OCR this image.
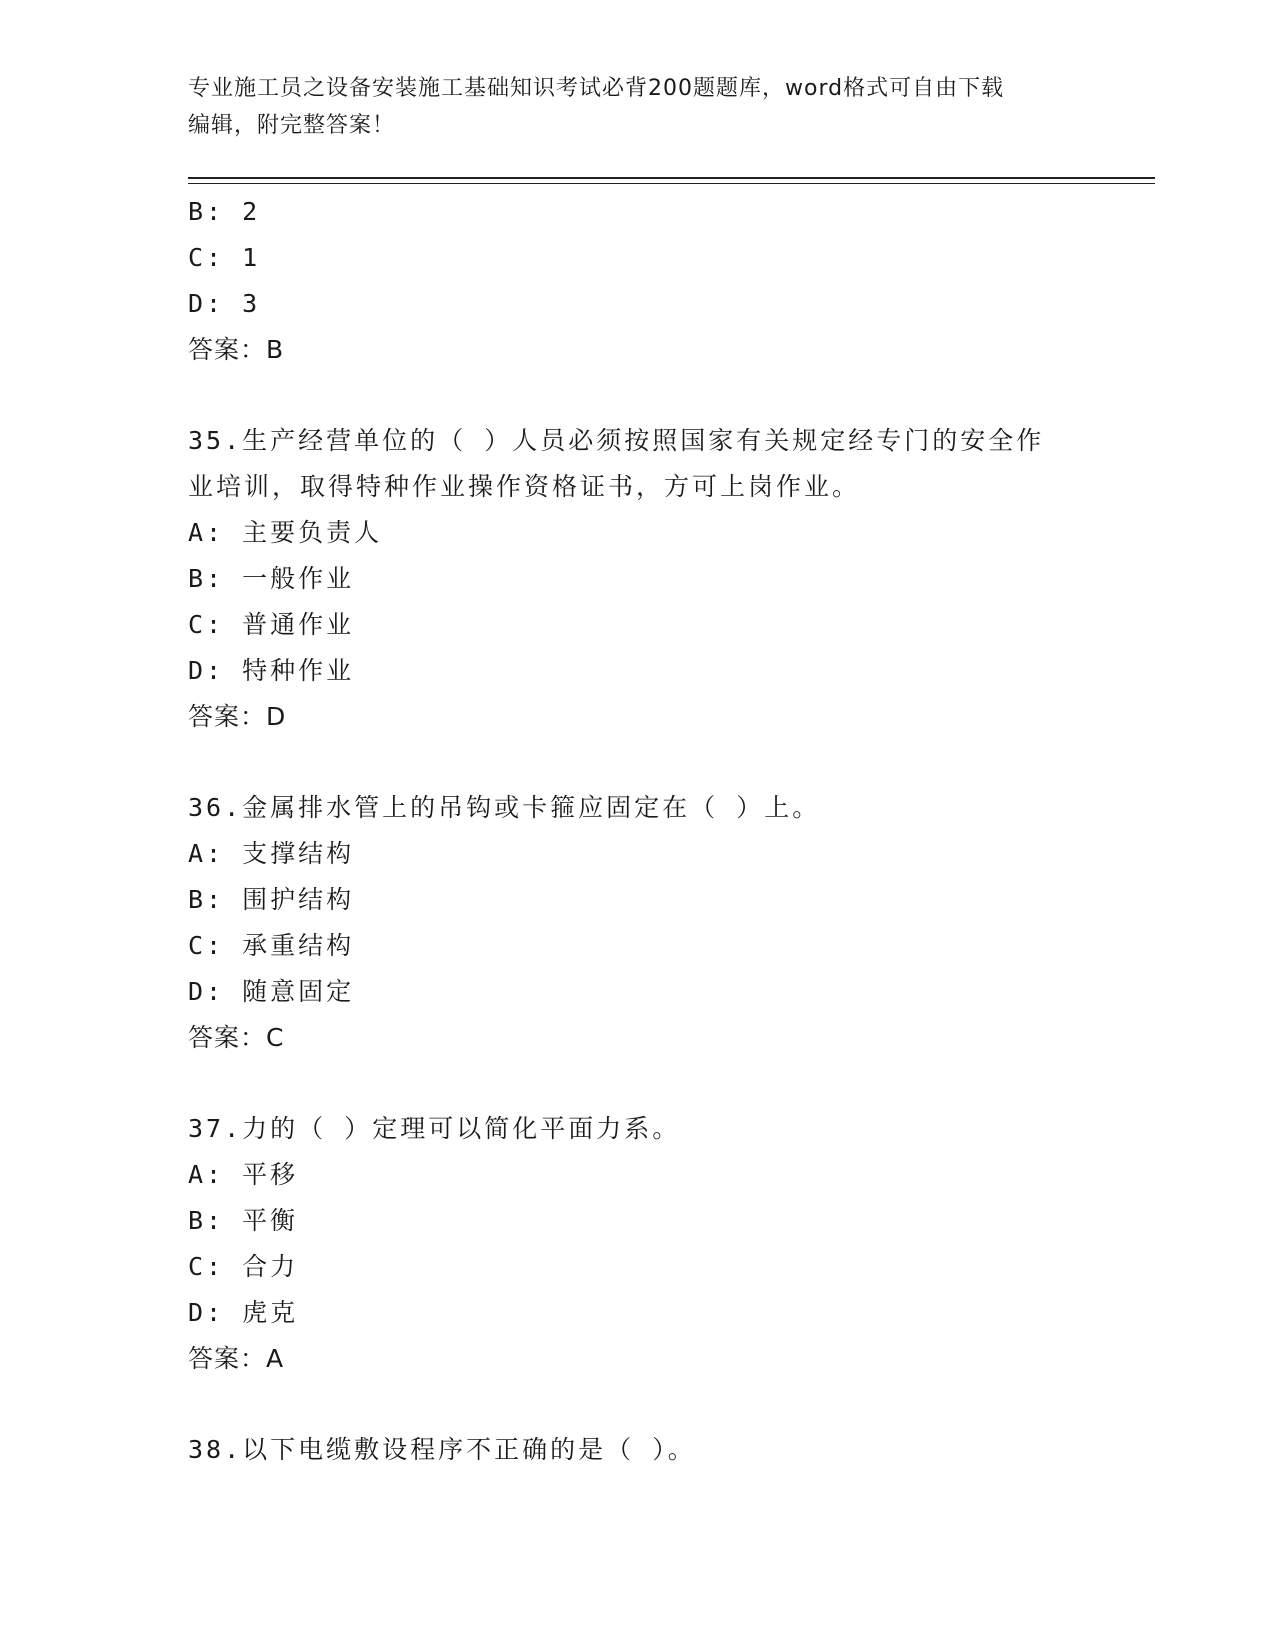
专业施工员之设备安装施工基础知识考试必背200题题库，word格式可自由下载
编辑，附完整答案！
B: 2
C: 1
D: 3
答案：B
35.生产经营单位的（ ）人员必须按照国家有关规定经专门的安全作
业培训，取得特种作业操作资格证书，方可上岗作业。
A: 主要负责人
B: 一般作业
C: 普通作业
D: 特种作业
答案：D
36.金属排水管上的吊钩或卡箍应固定在（ ）上。
A: 支撑结构
B: 围护结构
C: 承重结构
D: 随意固定
答案：C
37.力的（ ）定理可以简化平面力系。
A: 平移
B: 平衡
C: 合力
D: 虎克
答案：A
38.以下电缆敷设程序不正确的是（ ）。
